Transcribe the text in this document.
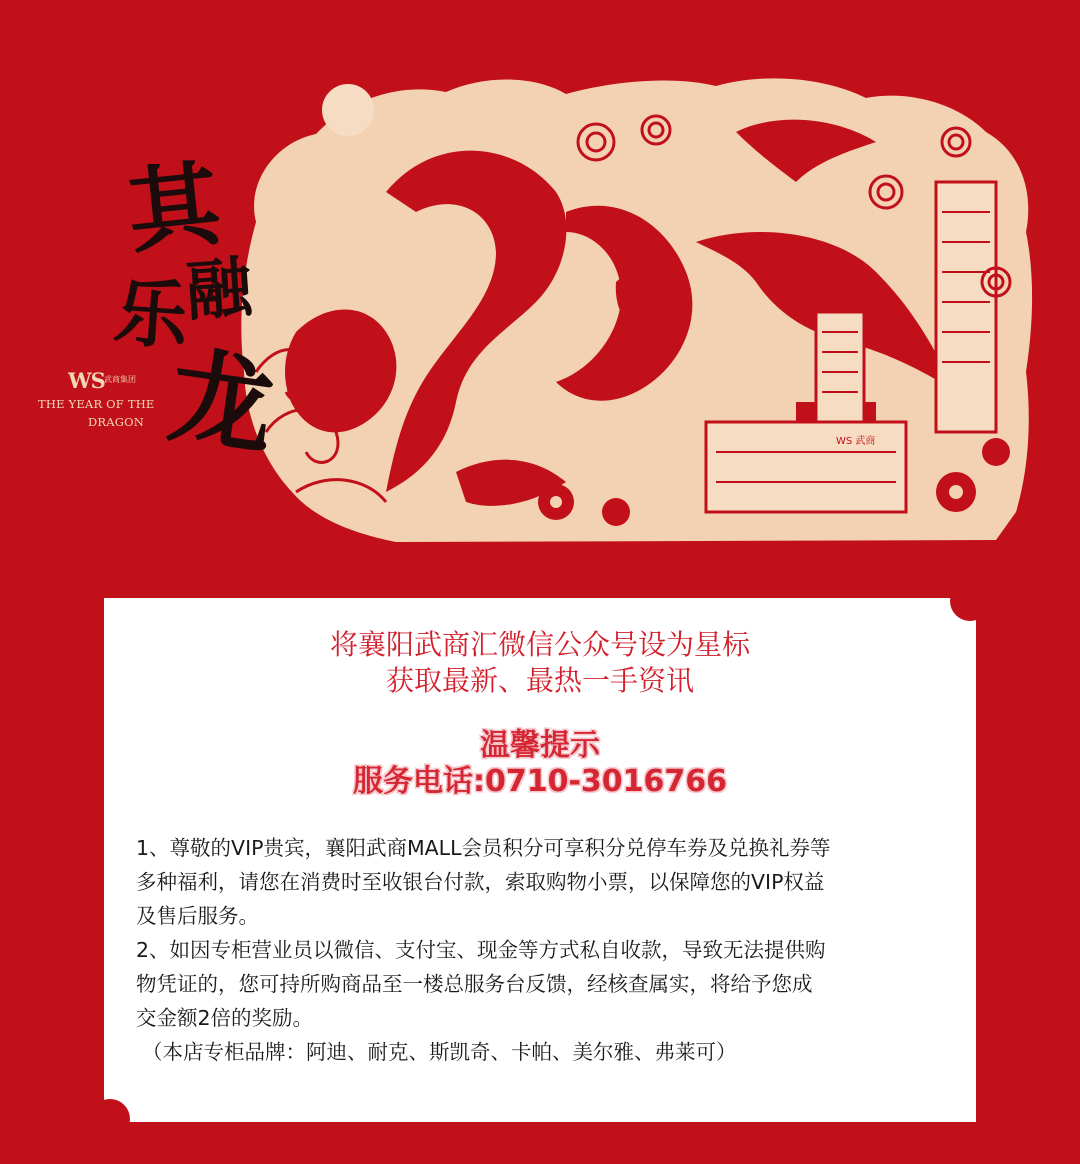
WS 武商
其
乐
融
龙
WS 武商集团
THE YEAR OF THE
DRAGON
将襄阳武商汇微信公众号设为星标
获取最新、最热一手资讯
温馨提示
服务电话:0710-3016766
1、尊敬的VIP贵宾，襄阳武商MALL会员积分可享积分兑停车券及兑换礼券等
多种福利，请您在消费时至收银台付款，索取购物小票，以保障您的VIP权益
及售后服务。
2、如因专柜营业员以微信、支付宝、现金等方式私自收款，导致无法提供购
物凭证的，您可持所购商品至一楼总服务台反馈，经核查属实，将给予您成
交金额2倍的奖励。
（本店专柜品牌：阿迪、耐克、斯凯奇、卡帕、美尔雅、弗莱可）
